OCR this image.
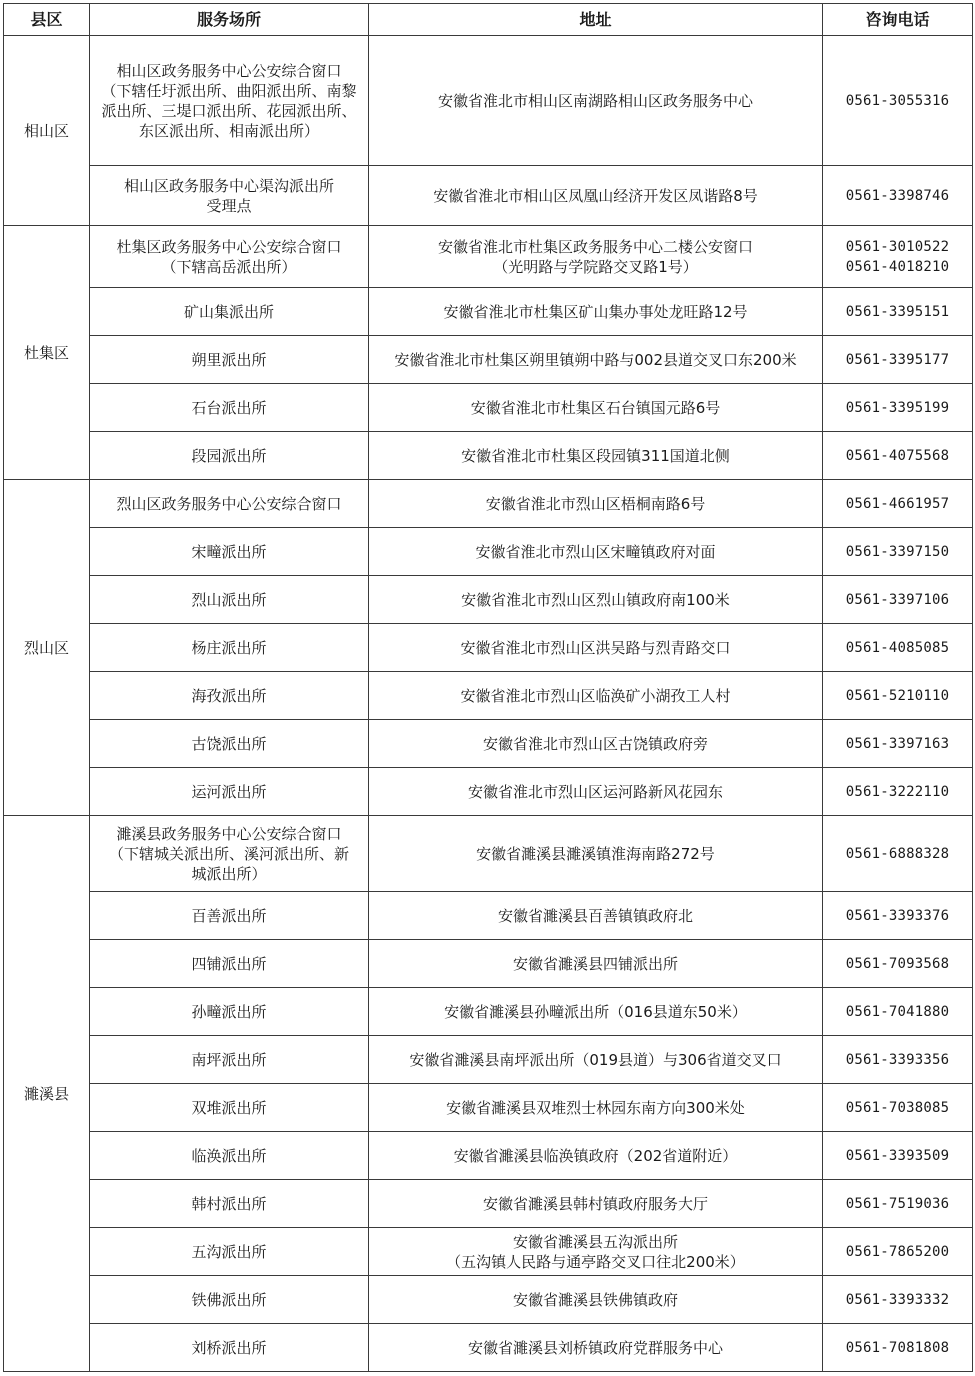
县区	服务场所	地址	咨询电话
相山区	相山区政务服务中心公安综合窗口
（下辖任圩派出所、曲阳派出所、南黎
派出所、三堤口派出所、花园派出所、
东区派出所、相南派出所）	安徽省淮北市相山区南湖路相山区政务服务中心	0561-3055316

	相山区政务服务中心渠沟派出所
受理点	安徽省淮北市相山区凤凰山经济开发区凤谐路8号	0561-3398746

杜集区	杜集区政务服务中心公安综合窗口
（下辖高岳派出所）	安徽省淮北市杜集区政务服务中心二楼公安窗口
（光明路与学院路交叉路1号）	0561-3010522
0561-4018210

	矿山集派出所	安徽省淮北市杜集区矿山集办事处龙旺路12号	0561-3395151

	朔里派出所	安徽省淮北市杜集区朔里镇朔中路与002县道交叉口东200米	0561-3395177

	石台派出所	安徽省淮北市杜集区石台镇国元路6号	0561-3395199

	段园派出所	安徽省淮北市杜集区段园镇311国道北侧	0561-4075568

烈山区	烈山区政务服务中心公安综合窗口	安徽省淮北市烈山区梧桐南路6号	0561-4661957

	宋疃派出所	安徽省淮北市烈山区宋疃镇政府对面	0561-3397150

	烈山派出所	安徽省淮北市烈山区烈山镇政府南100米	0561-3397106

	杨庄派出所	安徽省淮北市烈山区洪吴路与烈青路交口	0561-4085085

	海孜派出所	安徽省淮北市烈山区临涣矿小湖孜工人村	0561-5210110

	古饶派出所	安徽省淮北市烈山区古饶镇政府旁	0561-3397163

	运河派出所	安徽省淮北市烈山区运河路新风花园东	0561-3222110

濉溪县	濉溪县政务服务中心公安综合窗口
（下辖城关派出所、溪河派出所、新
城派出所）	安徽省濉溪县濉溪镇淮海南路272号	0561-6888328

	百善派出所	安徽省濉溪县百善镇镇政府北	0561-3393376

	四铺派出所	安徽省濉溪县四铺派出所	0561-7093568

	孙疃派出所	安徽省濉溪县孙疃派出所（016县道东50米）	0561-7041880

	南坪派出所	安徽省濉溪县南坪派出所（019县道）与306省道交叉口	0561-3393356

	双堆派出所	安徽省濉溪县双堆烈士林园东南方向300米处	0561-7038085

	临涣派出所	安徽省濉溪县临涣镇政府（202省道附近）	0561-3393509

	韩村派出所	安徽省濉溪县韩村镇政府服务大厅	0561-7519036

	五沟派出所	安徽省濉溪县五沟派出所
（五沟镇人民路与通亭路交叉口往北200米）	0561-7865200

	铁佛派出所	安徽省濉溪县铁佛镇政府	0561-3393332

	刘桥派出所	安徽省濉溪县刘桥镇政府党群服务中心	0561-7081808
